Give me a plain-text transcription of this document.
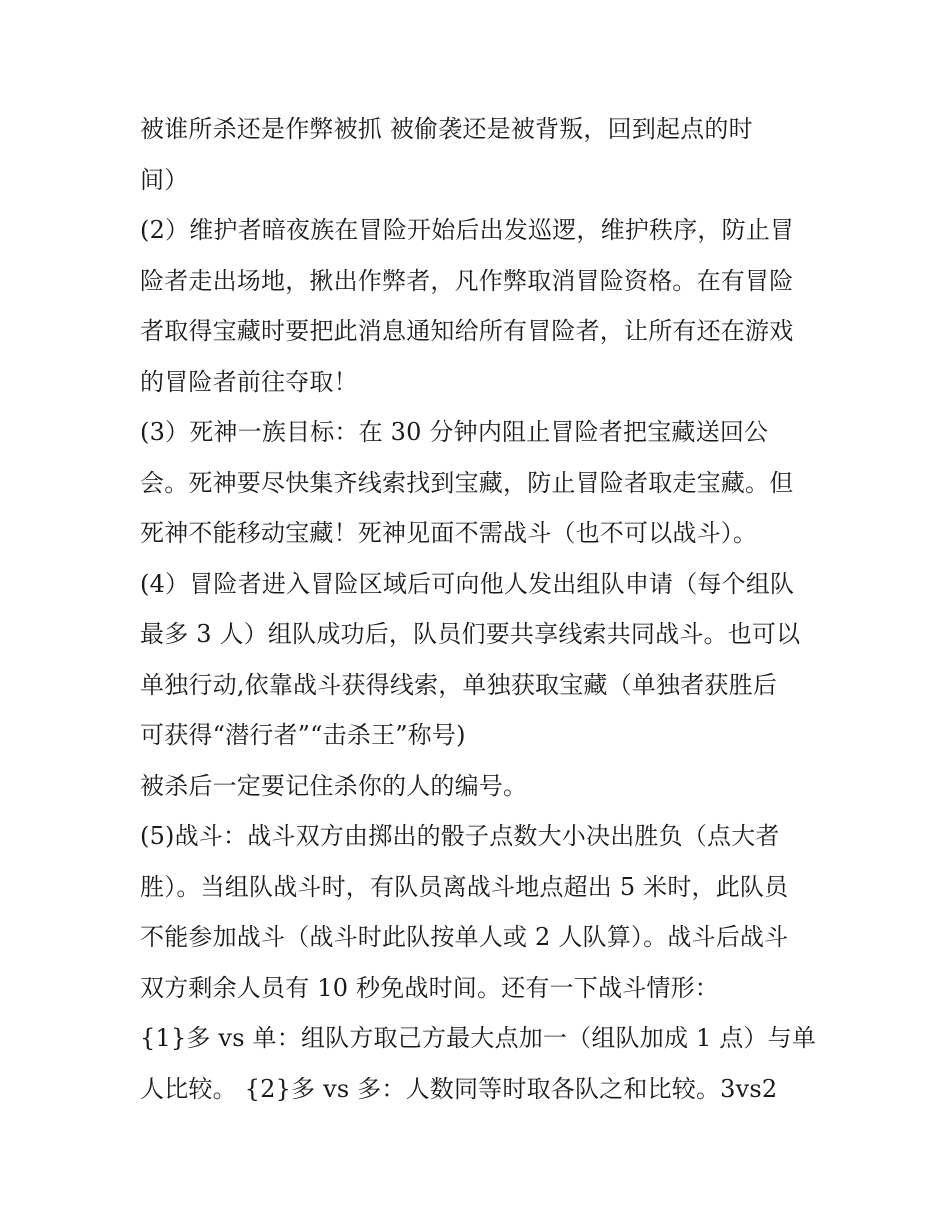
被谁所杀还是作弊被抓 被偷袭还是被背叛，回到起点的时
间）
(2）维护者暗夜族在冒险开始后出发巡逻，维护秩序，防止冒
险者走出场地，揪出作弊者，凡作弊取消冒险资格。在有冒险
者取得宝藏时要把此消息通知给所有冒险者，让所有还在游戏
的冒险者前往夺取！
(3）死神一族目标：在 30 分钟内阻止冒险者把宝藏送回公
会。死神要尽快集齐线索找到宝藏，防止冒险者取走宝藏。但
死神不能移动宝藏！死神见面不需战斗（也不可以战斗）。
(4）冒险者进入冒险区域后可向他人发出组队申请（每个组队
最多 3 人）组队成功后，队员们要共享线索共同战斗。也可以
单独行动,依靠战斗获得线索，单独获取宝藏（单独者获胜后
可获得“潜行者”“击杀王”称号)
被杀后一定要记住杀你的人的编号。
(5)战斗：战斗双方由掷出的骰子点数大小决出胜负（点大者
胜）。当组队战斗时，有队员离战斗地点超出 5 米时，此队员
不能参加战斗（战斗时此队按单人或 2 人队算）。战斗后战斗
双方剩余人员有 10 秒免战时间。还有一下战斗情形：
{1}多 vs 单：组队方取己方最大点加一（组队加成 1 点）与单
人比较。 {2}多 vs 多：人数同等时取各队之和比较。3vs2
